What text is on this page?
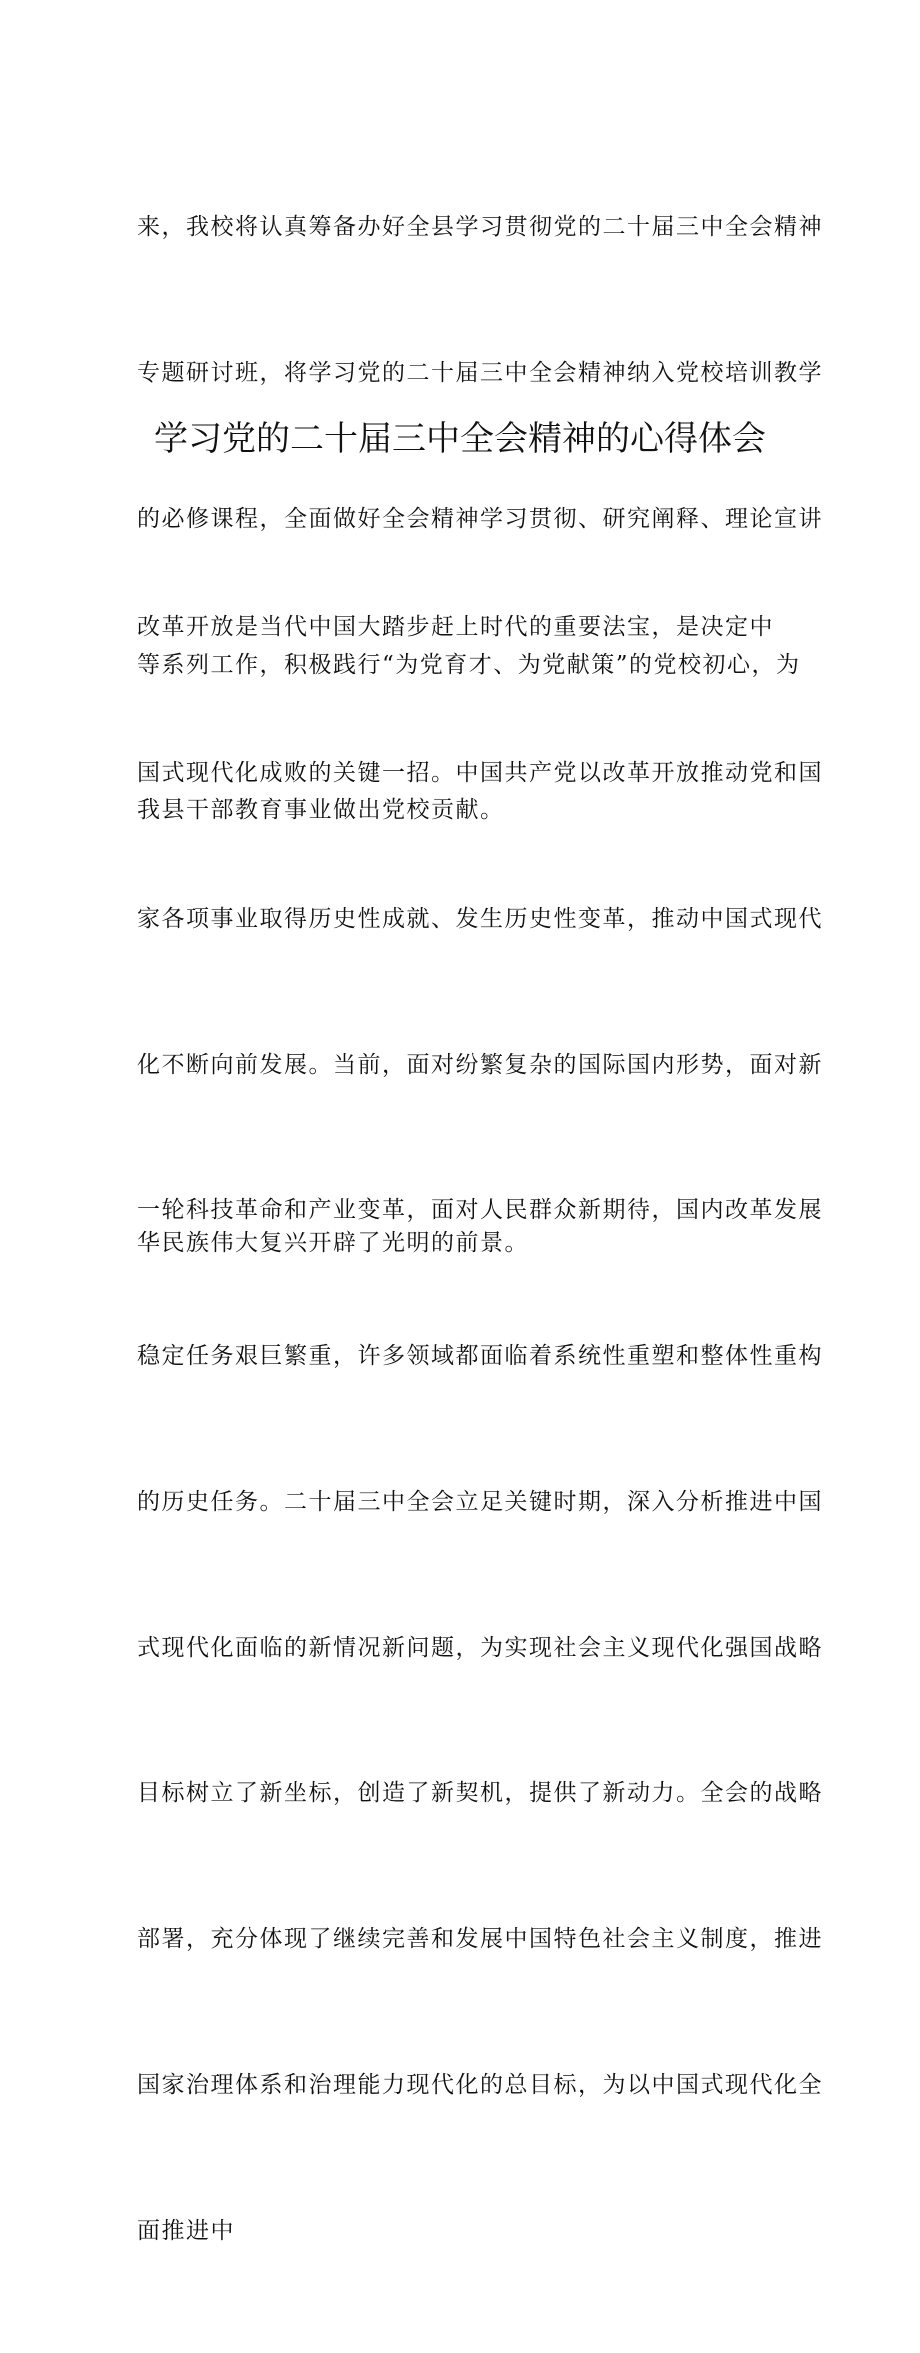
来，我校将认真筹备办好全县学习贯彻党的二十届三中全会精神

专题研讨班，将学习党的二十届三中全会精神纳入党校培训教学

的必修课程，全面做好全会精神学习贯彻、研究阐释、理论宣讲

等系列工作，积极践行“为党育才、为党献策”的党校初心，为

我县干部教育事业做出党校贡献。

学习党的二十届三中全会精神的心得体会

改革开放是当代中国大踏步赶上时代的重要法宝，是决定中

国式现代化成败的关键一招。中国共产党以改革开放推动党和国

家各项事业取得历史性成就、发生历史性变革，推动中国式现代

化不断向前发展。当前，面对纷繁复杂的国际国内形势，面对新

一轮科技革命和产业变革，面对人民群众新期待，国内改革发展

稳定任务艰巨繁重，许多领域都面临着系统性重塑和整体性重构

的历史任务。二十届三中全会立足关键时期，深入分析推进中国

式现代化面临的新情况新问题，为实现社会主义现代化强国战略

目标树立了新坐标，创造了新契机，提供了新动力。全会的战略

部署，充分体现了继续完善和发展中国特色社会主义制度，推进

国家治理体系和治理能力现代化的总目标，为以中国式现代化全

面推进中

华民族伟大复兴开辟了光明的前景。
